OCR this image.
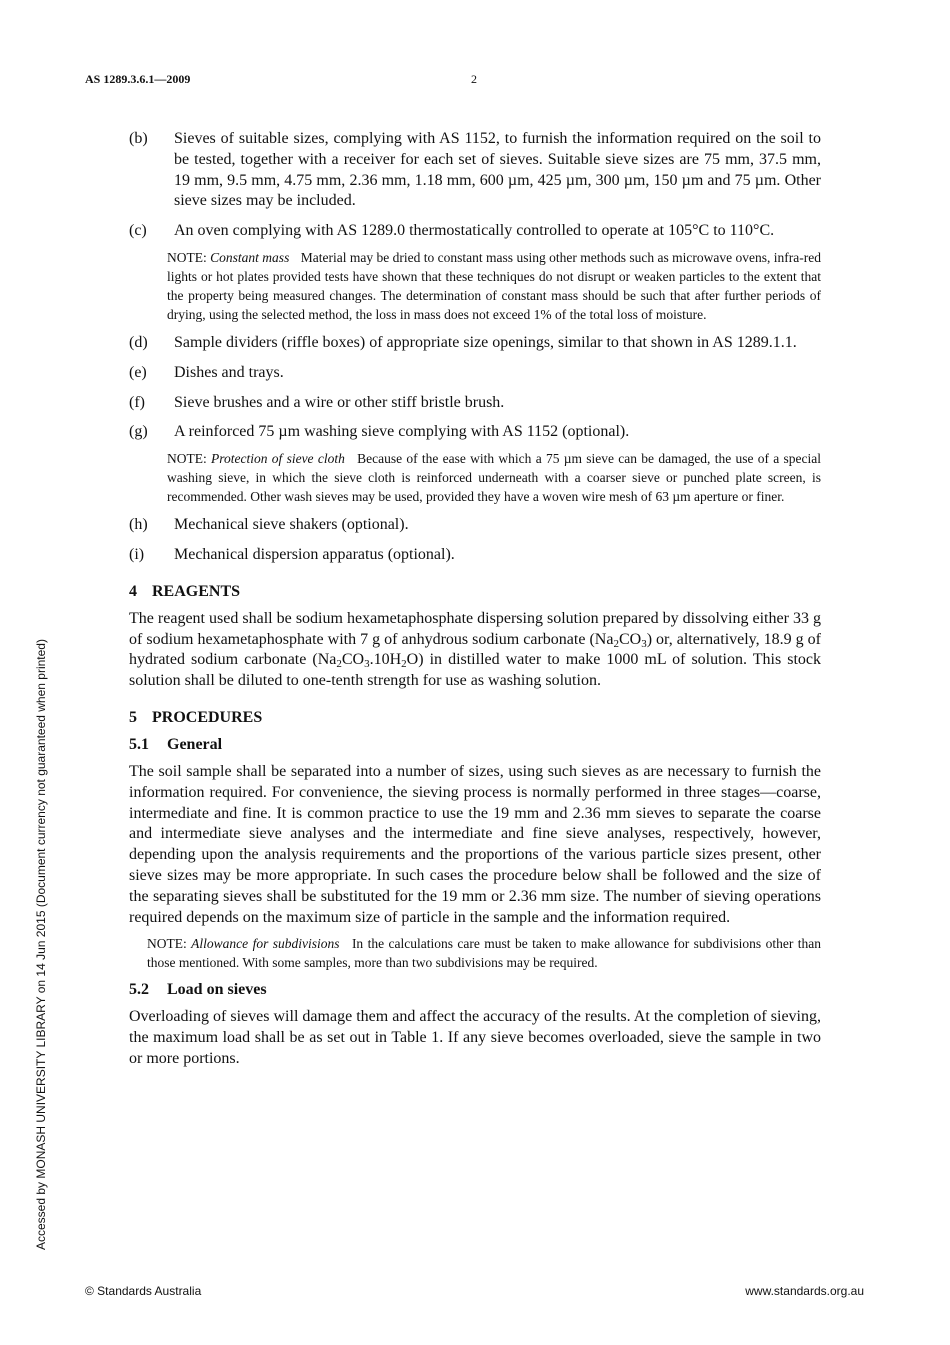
AS 1289.3.6.1—2009	2
(b) Sieves of suitable sizes, complying with AS 1152, to furnish the information required on the soil to be tested, together with a receiver for each set of sieves. Suitable sieve sizes are 75 mm, 37.5 mm, 19 mm, 9.5 mm, 4.75 mm, 2.36 mm, 1.18 mm, 600 µm, 425 µm, 300 µm, 150 µm and 75 µm. Other sieve sizes may be included.
(c) An oven complying with AS 1289.0 thermostatically controlled to operate at 105°C to 110°C.
NOTE: Constant mass Material may be dried to constant mass using other methods such as microwave ovens, infra-red lights or hot plates provided tests have shown that these techniques do not disrupt or weaken particles to the extent that the property being measured changes. The determination of constant mass should be such that after further periods of drying, using the selected method, the loss in mass does not exceed 1% of the total loss of moisture.
(d) Sample dividers (riffle boxes) of appropriate size openings, similar to that shown in AS 1289.1.1.
(e) Dishes and trays.
(f) Sieve brushes and a wire or other stiff bristle brush.
(g) A reinforced 75 µm washing sieve complying with AS 1152 (optional).
NOTE: Protection of sieve cloth Because of the ease with which a 75 µm sieve can be damaged, the use of a special washing sieve, in which the sieve cloth is reinforced underneath with a coarser sieve or punched plate screen, is recommended. Other wash sieves may be used, provided they have a woven wire mesh of 63 µm aperture or finer.
(h) Mechanical sieve shakers (optional).
(i) Mechanical dispersion apparatus (optional).
4 REAGENTS
The reagent used shall be sodium hexametaphosphate dispersing solution prepared by dissolving either 33 g of sodium hexametaphosphate with 7 g of anhydrous sodium carbonate $(Na_2CO_3)$ or, alternatively, 18.9 g of hydrated sodium carbonate $(Na_2CO_3.10H_2O)$ in distilled water to make 1000 mL of solution. This stock solution shall be diluted to one-tenth strength for use as washing solution.
5 PROCEDURES
5.1 General
The soil sample shall be separated into a number of sizes, using such sieves as are necessary to furnish the information required. For convenience, the sieving process is normally performed in three stages—coarse, intermediate and fine. It is common practice to use the 19 mm and 2.36 mm sieves to separate the coarse and intermediate sieve analyses and the intermediate and fine sieve analyses, respectively, however, depending upon the analysis requirements and the proportions of the various particle sizes present, other sieve sizes may be more appropriate. In such cases the procedure below shall be followed and the size of the separating sieves shall be substituted for the 19 mm or 2.36 mm size. The number of sieving operations required depends on the maximum size of particle in the sample and the information required.
NOTE: Allowance for subdivisions In the calculations care must be taken to make allowance for subdivisions other than those mentioned. With some samples, more than two subdivisions may be required.
5.2 Load on sieves
Overloading of sieves will damage them and affect the accuracy of the results. At the completion of sieving, the maximum load shall be as set out in Table 1. If any sieve becomes overloaded, sieve the sample in two or more portions.
Accessed by MONASH UNIVERSITY LIBRARY on 14 Jun 2015 (Document currency not guaranteed when printed)
© Standards Australia	www.standards.org.au
